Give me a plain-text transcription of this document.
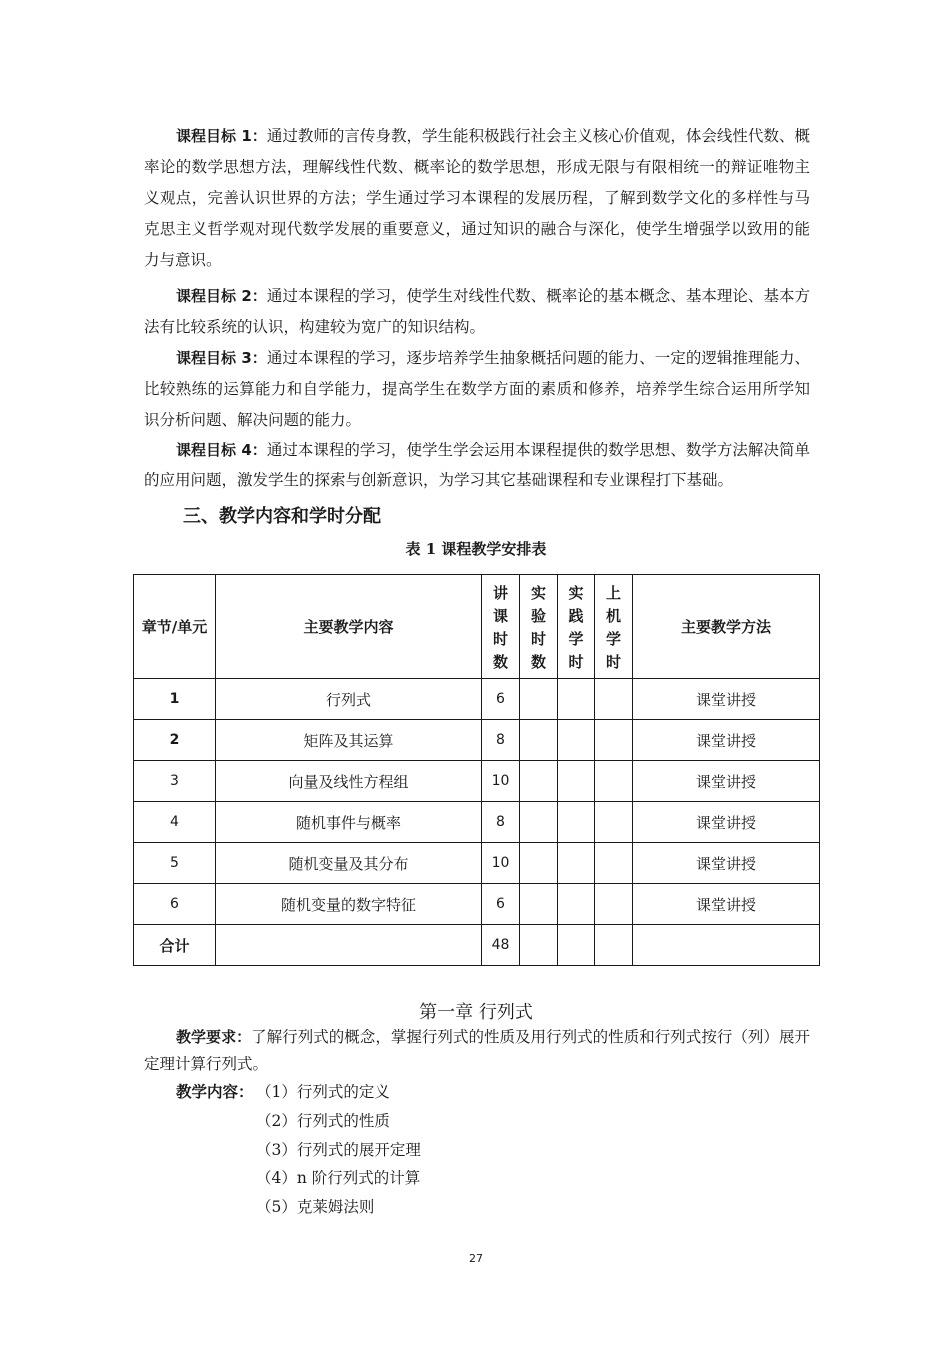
课程目标 1：通过教师的言传身教，学生能积极践行社会主义核心价值观，体会线性代数、概率论的数学思想方法，理解线性代数、概率论的数学思想，形成无限与有限相统一的辩证唯物主义观点，完善认识世界的方法；学生通过学习本课程的发展历程，了解到数学文化的多样性与马克思主义哲学观对现代数学发展的重要意义，通过知识的融合与深化，使学生增强学以致用的能力与意识。

课程目标 2：通过本课程的学习，使学生对线性代数、概率论的基本概念、基本理论、基本方法有比较系统的认识，构建较为宽广的知识结构。

课程目标 3：通过本课程的学习，逐步培养学生抽象概括问题的能力、一定的逻辑推理能力、比较熟练的运算能力和自学能力，提高学生在数学方面的素质和修养，培养学生综合运用所学知识分析问题、解决问题的能力。

课程目标 4：通过本课程的学习，使学生学会运用本课程提供的数学思想、数学方法解决简单的应用问题，激发学生的探索与创新意识，为学习其它基础课程和专业课程打下基础。

三、教学内容和学时分配
表 1 课程教学安排表
章节/单元	主要教学内容	讲
课
时
数	实
验
时
数	实
践
学
时	上
机
学
时	主要教学方法
1	行列式	6				课堂讲授
2	矩阵及其运算	8				课堂讲授
3	向量及线性方程组	10				课堂讲授
4	随机事件与概率	8				课堂讲授
5	随机变量及其分布	10				课堂讲授
6	随机变量的数字特征	6				课堂讲授
合计		48				
第一章 行列式

教学要求：了解行列式的概念，掌握行列式的性质及用行列式的性质和行列式按行（列）展开定理计算行列式。

教学内容： （1）行列式的定义
（2）行列式的性质
（3）行列式的展开定理
（4）n 阶行列式的计算
（5）克莱姆法则
27
